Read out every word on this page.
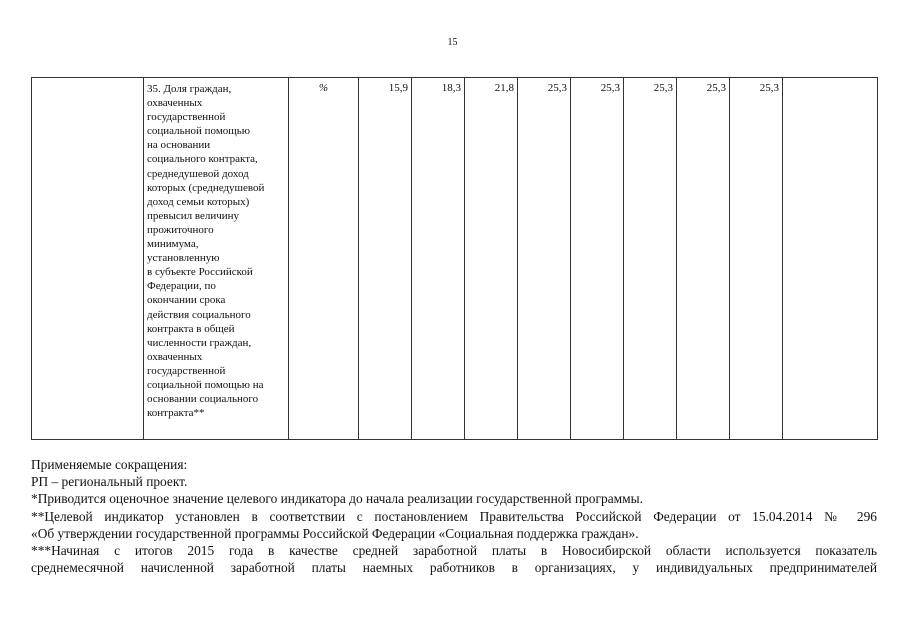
15

35. Доля граждан,
охваченных
государственной
социальной помощью
на основании
социального контракта,
среднедушевой доход
которых (среднедушевой
доход семьи которых)
превысил величину
прожиточного
минимума,
установленную
в субъекте Российской
Федерации, по
окончании срока
действия социального
контракта в общей
численности граждан,
охваченных
государственной
социальной помощью на
основании социального
контракта**
	%	15,9	18,3	21,8	25,3	25,3	25,3	25,3	25,3	

Применяемые сокращения:

РП – региональный проект.

*Приводится оценочное значение целевого индикатора до начала реализации государственной программы.

**Целевой индикатор установлен в соответствии с постановлением Правительства Российской Федерации от 15.04.2014 № 296

«Об утверждении государственной программы Российской Федерации «Социальная поддержка граждан».

***Начиная с итогов 2015 года в качестве средней заработной платы в Новосибирской области используется показатель

среднемесячной начисленной заработной платы наемных работников в организациях, у индивидуальных предпринимателей
